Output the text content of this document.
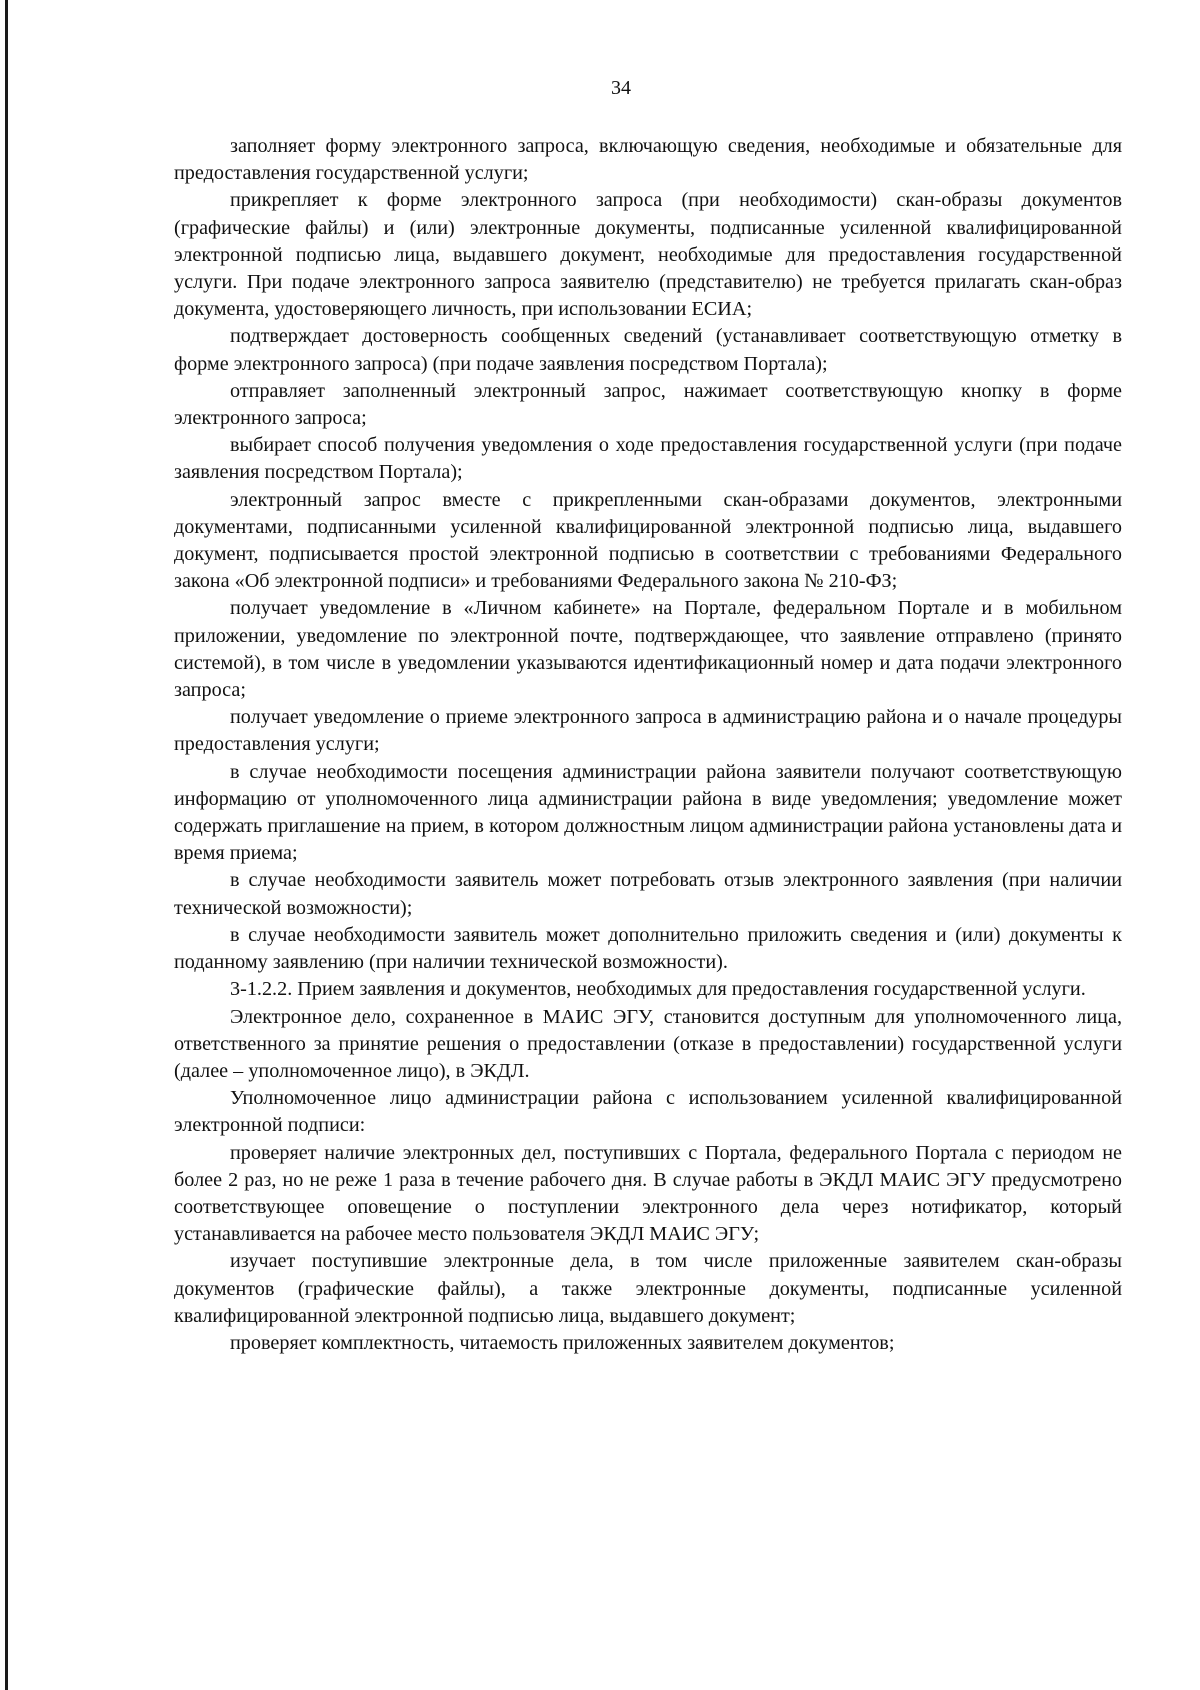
34

заполняет форму электронного запроса, включающую сведения, необходимые и обязательные для предоставления государственной услуги;

прикрепляет к форме электронного запроса (при необходимости) скан-образы документов (графические файлы) и (или) электронные документы, подписанные усиленной квалифицированной электронной подписью лица, выдавшего документ, необходимые для предоставления государственной услуги. При подаче электронного запроса заявителю (представителю) не требуется прилагать скан-образ документа, удостоверяющего личность, при использовании ЕСИА;

подтверждает достоверность сообщенных сведений (устанавливает соответствующую отметку в форме электронного запроса) (при подаче заявления посредством Портала);

отправляет заполненный электронный запрос, нажимает соответствующую кнопку в форме электронного запроса;

выбирает способ получения уведомления о ходе предоставления государственной услуги (при подаче заявления посредством Портала);

электронный запрос вместе с прикрепленными скан-образами документов, электронными документами, подписанными усиленной квалифицированной электронной подписью лица, выдавшего документ, подписывается простой электронной подписью в соответствии с требованиями Федерального закона «Об электронной подписи» и требованиями Федерального закона № 210-ФЗ;

получает уведомление в «Личном кабинете» на Портале, федеральном Портале и в мобильном приложении, уведомление по электронной почте, подтверждающее, что заявление отправлено (принято системой), в том числе в уведомлении указываются идентификационный номер и дата подачи электронного запроса;

получает уведомление о приеме электронного запроса в администрацию района и о начале процедуры предоставления услуги;

в случае необходимости посещения администрации района заявители получают соответствующую информацию от уполномоченного лица администрации района в виде уведомления; уведомление может содержать приглашение на прием, в котором должностным лицом администрации района установлены дата и время приема;

в случае необходимости заявитель может потребовать отзыв электронного заявления (при наличии технической возможности);

в случае необходимости заявитель может дополнительно приложить сведения и (или) документы к поданному заявлению (при наличии технической возможности).

3-1.2.2. Прием заявления и документов, необходимых для предоставления государственной услуги.

Электронное дело, сохраненное в МАИС ЭГУ, становится доступным для уполномоченного лица, ответственного за принятие решения о предоставлении (отказе в предоставлении) государственной услуги (далее – уполномоченное лицо), в ЭКДЛ.

Уполномоченное лицо администрации района с использованием усиленной квалифицированной электронной подписи:

проверяет наличие электронных дел, поступивших с Портала, федерального Портала с периодом не более 2 раз, но не реже 1 раза в течение рабочего дня. В случае работы в ЭКДЛ МАИС ЭГУ предусмотрено соответствующее оповещение о поступлении электронного дела через нотификатор, который устанавливается на рабочее место пользователя ЭКДЛ МАИС ЭГУ;

изучает поступившие электронные дела, в том числе приложенные заявителем скан-образы документов (графические файлы), а также электронные документы, подписанные усиленной квалифицированной электронной подписью лица, выдавшего документ;

проверяет комплектность, читаемость приложенных заявителем документов;
